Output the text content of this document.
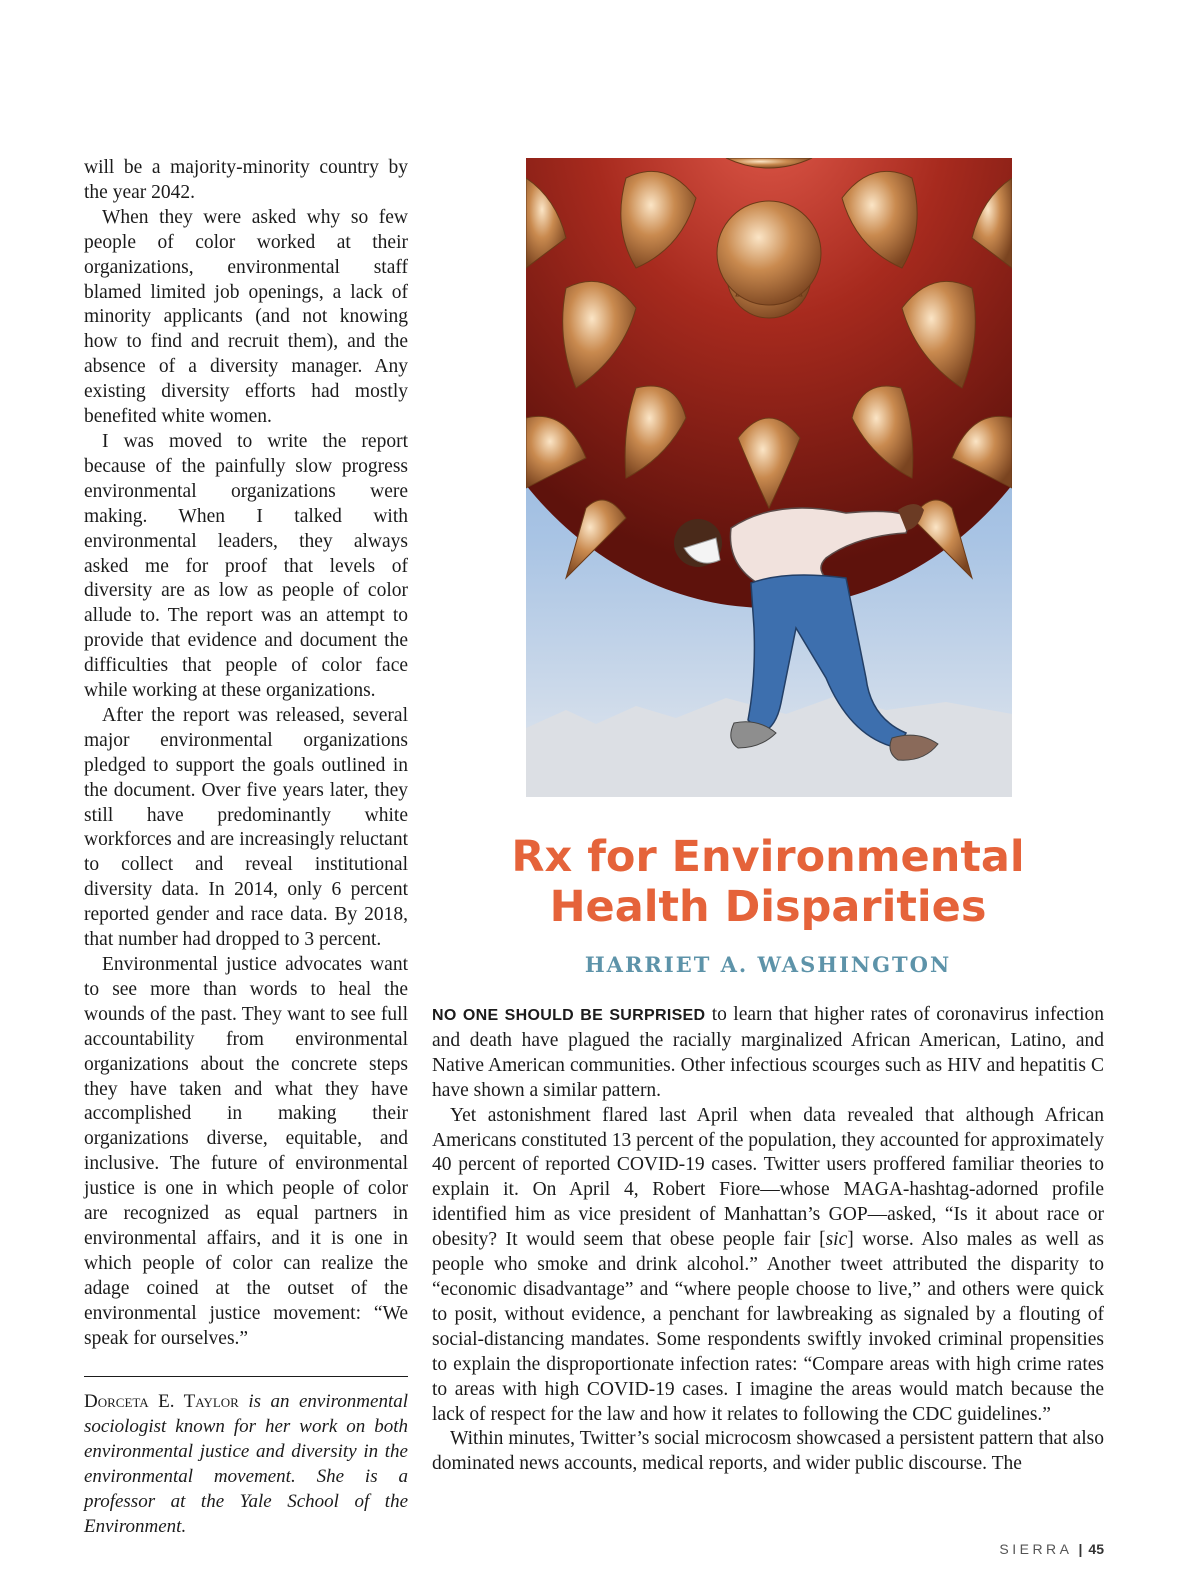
will be a majority-minority country by the year 2042.

When they were asked why so few people of color worked at their organizations, environmental staff blamed limited job openings, a lack of minority applicants (and not knowing how to find and recruit them), and the absence of a diversity manager. Any existing diversity efforts had mostly benefited white women.

I was moved to write the report because of the painfully slow progress environmental organizations were making. When I talked with environmental leaders, they always asked me for proof that levels of diversity are as low as people of color allude to. The report was an attempt to provide that evidence and document the difficulties that people of color face while working at these organizations.

After the report was released, several major environmental organizations pledged to support the goals outlined in the document. Over five years later, they still have predominantly white workforces and are increasingly reluctant to collect and reveal institutional diversity data. In 2014, only 6 percent reported gender and race data. By 2018, that number had dropped to 3 percent.

Environmental justice advocates want to see more than words to heal the wounds of the past. They want to see full accountability from environmental organizations about the concrete steps they have taken and what they have accomplished in making their organizations diverse, equitable, and inclusive. The future of environmental justice is one in which people of color are recognized as equal partners in environmental affairs, and it is one in which people of color can realize the adage coined at the outset of the environmental justice movement: “We speak for ourselves.”

Dorceta E. Taylor is an environmental sociologist known for her work on both environmental justice and diversity in the environmental movement. She is a professor at the Yale School of the Environment.

Rx for Environmental
Health Disparities

HARRIET A. WASHINGTON

NO ONE SHOULD BE SURPRISED to learn that higher rates of coronavirus infection and death have plagued the racially marginalized African American, Latino, and Native American communities. Other infectious scourges such as HIV and hepatitis C have shown a similar pattern.

Yet astonishment flared last April when data revealed that although African Americans constituted 13 percent of the population, they accounted for approximately 40 percent of reported COVID-19 cases. Twitter users proffered familiar theories to explain it. On April 4, Robert Fiore—whose MAGA-hashtag-adorned profile identified him as vice president of Manhattan’s GOP—asked, “Is it about race or obesity? It would seem that obese people fair [sic] worse. Also males as well as people who smoke and drink alcohol.” Another tweet attributed the disparity to “economic disadvantage” and “where people choose to live,” and others were quick to posit, without evidence, a penchant for lawbreaking as signaled by a flouting of social-distancing mandates. Some respondents swiftly invoked criminal propensities to explain the disproportionate infection rates: “Compare areas with high crime rates to areas with high COVID-19 cases. I imagine the areas would match because the lack of respect for the law and how it relates to following the CDC guidelines.”

Within minutes, Twitter’s social microcosm showcased a persistent pattern that also dominated news accounts, medical reports, and wider public discourse. The

SIERRA | 45
